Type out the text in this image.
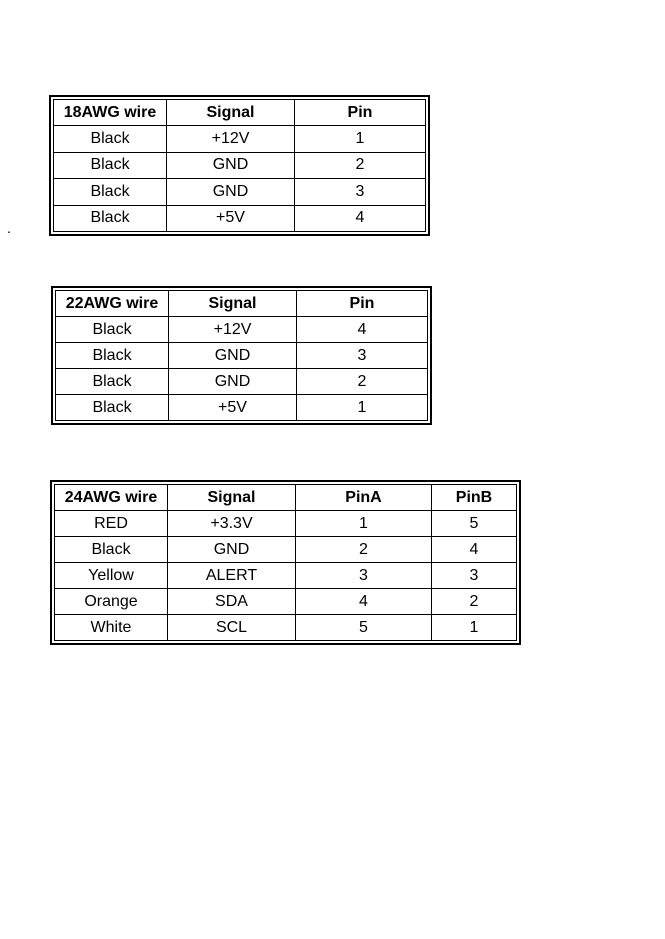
.
18AWG wire	Signal	Pin
Black	+12V	1
Black	GND	2
Black	GND	3
Black	+5V	4
22AWG wire	Signal	Pin
Black	+12V	4
Black	GND	3
Black	GND	2
Black	+5V	1
24AWG wire	Signal	PinA	PinB
RED	+3.3V	1	5
Black	GND	2	4
Yellow	ALERT	3	3
Orange	SDA	4	2
White	SCL	5	1
